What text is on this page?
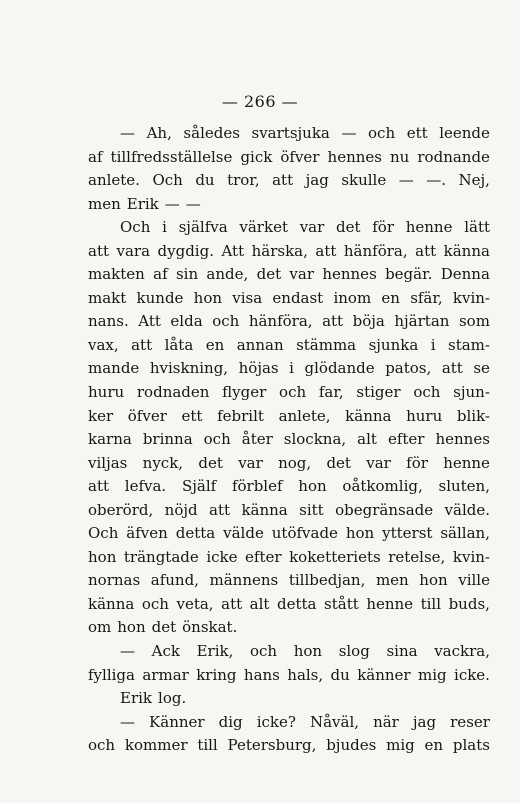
— 266 —
— Ah, således svartsjuka — och ett leende
af tillfredsställelse gick öfver hennes nu rodnande
anlete. Och du tror, att jag skulle — —. Nej,
men Erik — —
Och i själfva värket var det för henne lätt
att vara dygdig. Att härska, att hänföra, att känna
makten af sin ande, det var hennes begär. Denna
makt kunde hon visa endast inom en sfär, kvin-
nans. Att elda och hänföra, att böja hjärtan som
vax, att låta en annan stämma sjunka i stam-
mande hviskning, höjas i glödande patos, att se
huru rodnaden flyger och far, stiger och sjun-
ker öfver ett febrilt anlete, känna huru blik-
karna brinna och åter slockna, alt efter hennes
viljas nyck, det var nog, det var för henne
att lefva. Själf förblef hon oåtkomlig, sluten,
oberörd, nöjd att känna sitt obegränsade välde.
Och äfven detta välde utöfvade hon ytterst sällan,
hon trängtade icke efter koketteriets retelse, kvin-
nornas afund, männens tillbedjan, men hon ville
känna och veta, att alt detta stått henne till buds,
om hon det önskat.
— Ack Erik, och hon slog sina vackra,
fylliga armar kring hans hals, du känner mig icke.
Erik log.
— Känner dig icke? Nåväl, när jag reser
och kommer till Petersburg, bjudes mig en plats
